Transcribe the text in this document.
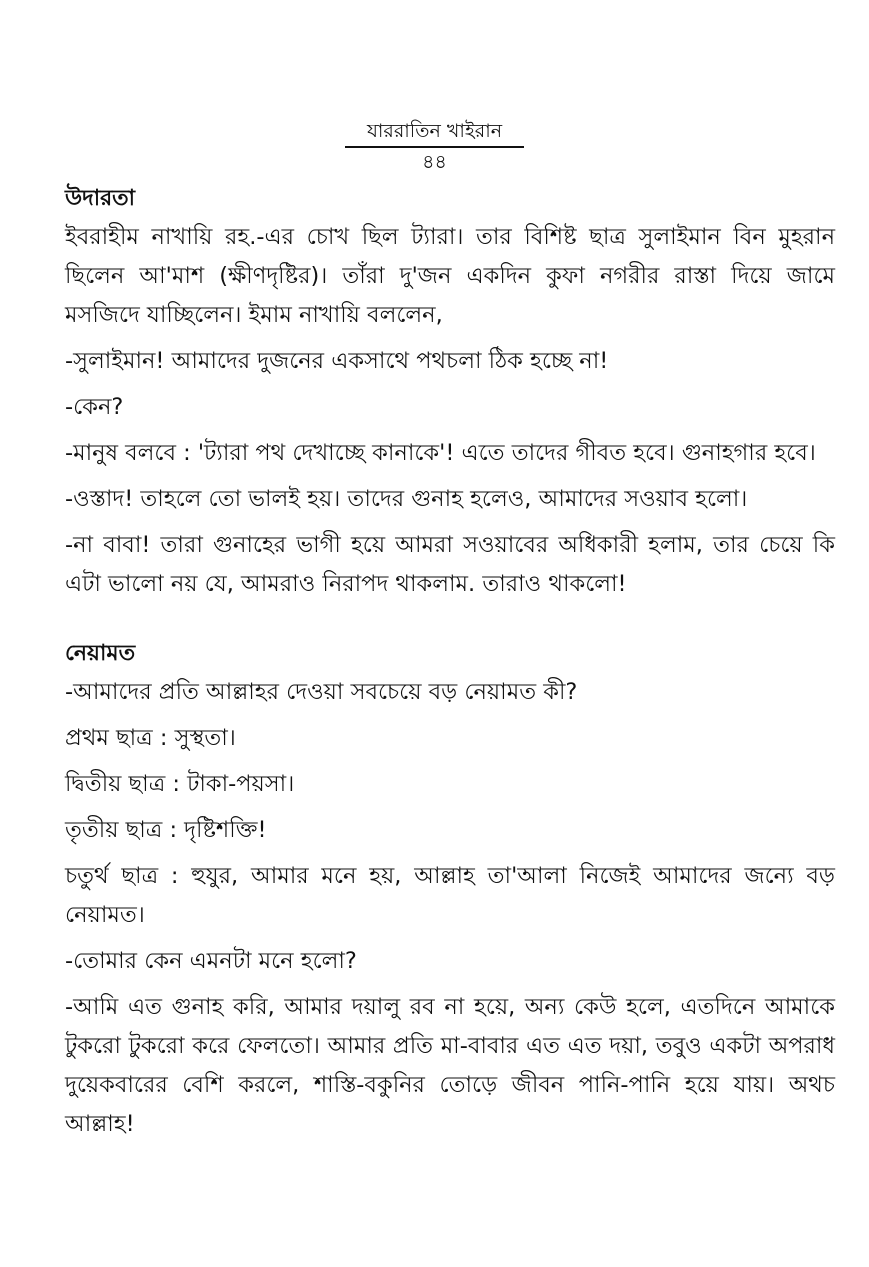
যাররাতিন খাইরান
৪৪
উদারতা

ইবরাহীম নাখায়ি রহ.-এর চোখ ছিল ট্যারা। তার বিশিষ্ট ছাত্র সুলাইমান বিন মুহরান ছিলেন আ'মাশ (ক্ষীণদৃষ্টির)। তাঁরা দু'জন একদিন কুফা নগরীর রাস্তা দিয়ে জামে মসজিদে যাচ্ছিলেন। ইমাম নাখায়ি বললেন,

-সুলাইমান! আমাদের দুজনের একসাথে পথচলা ঠিক হচ্ছে না!

-কেন?

-মানুষ বলবে : 'ট্যারা পথ দেখাচ্ছে কানাকে'! এতে তাদের গীবত হবে। গুনাহগার হবে।

-ওস্তাদ! তাহলে তো ভালই হয়। তাদের গুনাহ হলেও, আমাদের সওয়াব হলো।

-না বাবা! তারা গুনাহের ভাগী হয়ে আমরা সওয়াবের অধিকারী হলাম, তার চেয়ে কি এটা ভালো নয় যে, আমরাও নিরাপদ থাকলাম. তারাও থাকলো!

নেয়ামত

-আমাদের প্রতি আল্লাহর দেওয়া সবচেয়ে বড় নেয়ামত কী?

প্রথম ছাত্র : সুস্থতা।

দ্বিতীয় ছাত্র : টাকা-পয়সা।

তৃতীয় ছাত্র : দৃষ্টিশক্তি!

চতুর্থ ছাত্র : হুযুর, আমার মনে হয়, আল্লাহ তা'আলা নিজেই আমাদের জন্যে বড় নেয়ামত।

-তোমার কেন এমনটা মনে হলো?

-আমি এত গুনাহ করি, আমার দয়ালু রব না হয়ে, অন্য কেউ হলে, এতদিনে আমাকে টুকরো টুকরো করে ফেলতো। আমার প্রতি মা-বাবার এত এত দয়া, তবুও একটা অপরাধ দুয়েকবারের বেশি করলে, শাস্তি-বকুনির তোড়ে জীবন পানি-পানি হয়ে যায়। অথচ আল্লাহ!
